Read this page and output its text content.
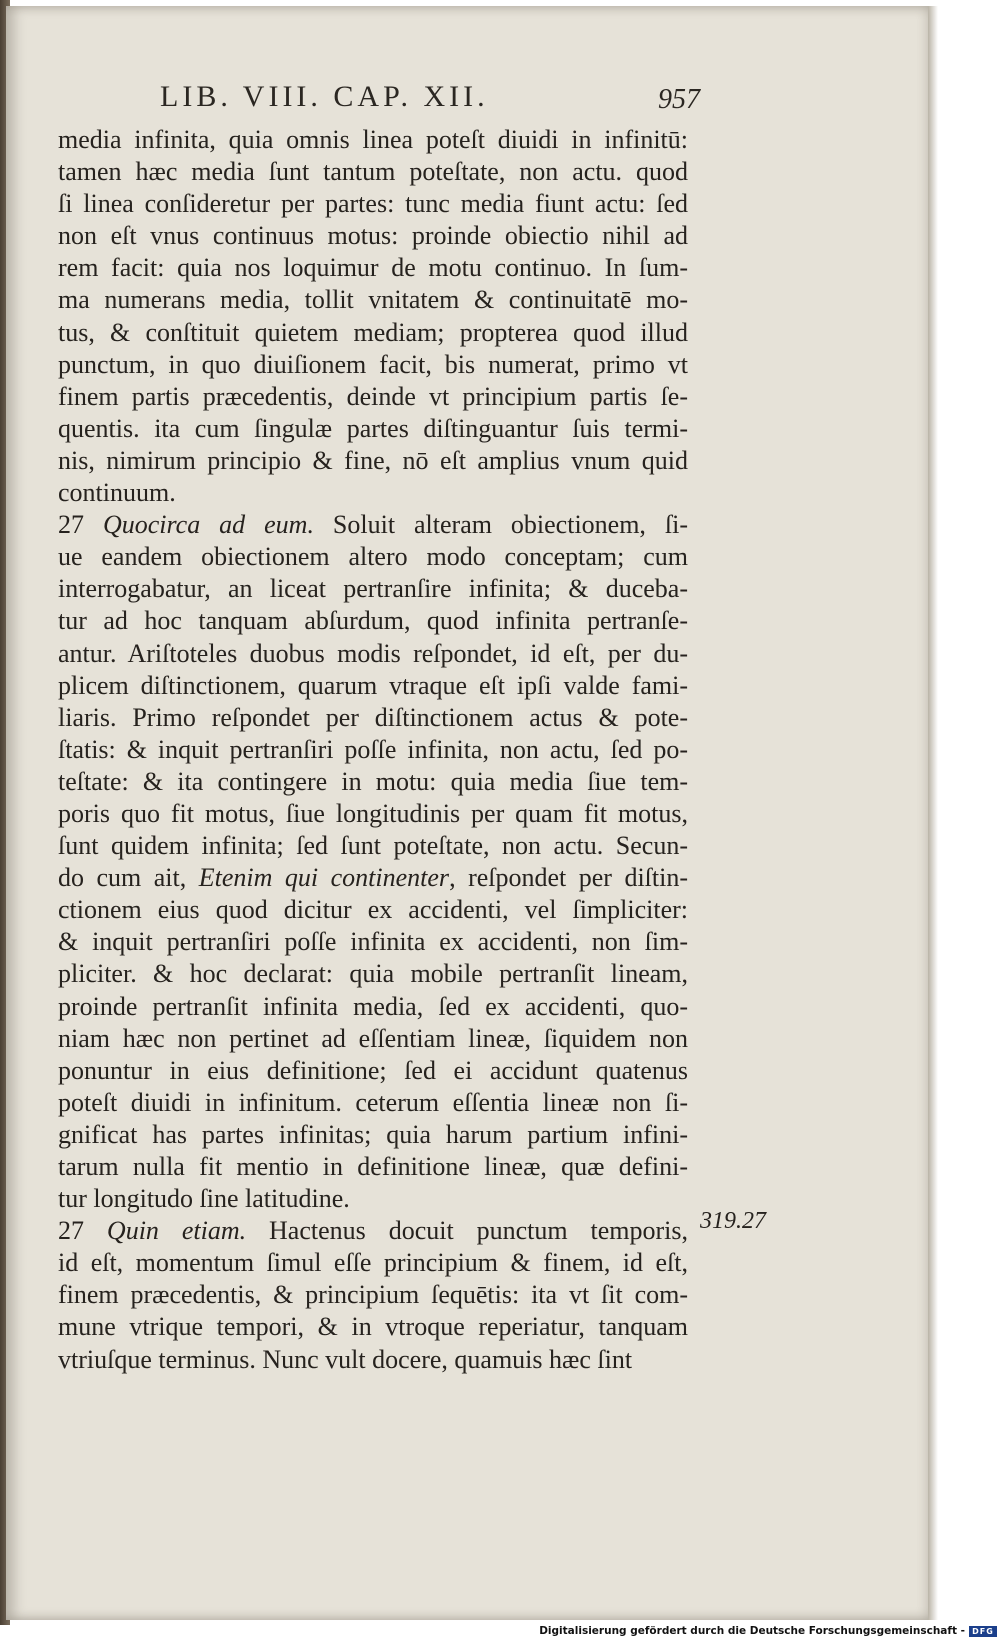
LIB. VIII. CAP. XII.	957
media infinita, quia omnis linea poteſt diuidi in infinitū:
tamen hæc media ſunt tantum poteſtate, non actu. quod
ſi linea conſideretur per partes: tunc media fiunt actu: ſed
non eſt vnus continuus motus: proinde obiectio nihil ad
rem facit: quia nos loquimur de motu continuo. In ſum-
ma numerans media, tollit vnitatem & continuitatē mo-
tus, & conſtituit quietem mediam; propterea quod illud
punctum, in quo diuiſionem facit, bis numerat, primo vt
finem partis præcedentis, deinde vt principium partis ſe-
quentis. ita cum ſingulæ partes diſtinguantur ſuis termi-
nis, nimirum principio & fine, nō eſt amplius vnum quid
continuum.
27 Quocirca ad eum. Soluit alteram obiectionem, ſi-
ue eandem obiectionem altero modo conceptam; cum
interrogabatur, an liceat pertranſire infinita; & duceba-
tur ad hoc tanquam abſurdum, quod infinita pertranſe-
antur. Ariſtoteles duobus modis reſpondet, id eſt, per du-
plicem diſtinctionem, quarum vtraque eſt ipſi valde fami-
liaris. Primo reſpondet per diſtinctionem actus & pote-
ſtatis: & inquit pertranſiri poſſe infinita, non actu, ſed po-
teſtate: & ita contingere in motu: quia media ſiue tem-
poris quo fit motus, ſiue longitudinis per quam fit motus,
ſunt quidem infinita; ſed ſunt poteſtate, non actu. Secun-
do cum ait, Etenim qui continenter, reſpondet per diſtin-
ctionem eius quod dicitur ex accidenti, vel ſimpliciter:
& inquit pertranſiri poſſe infinita ex accidenti, non ſim-
pliciter. & hoc declarat: quia mobile pertranſit lineam,
proinde pertranſit infinita media, ſed ex accidenti, quo-
niam hæc non pertinet ad eſſentiam lineæ, ſiquidem non
ponuntur in eius definitione; ſed ei accidunt quatenus
poteſt diuidi in infinitum. ceterum eſſentia lineæ non ſi-
gnificat has partes infinitas; quia harum partium infini-
tarum nulla fit mentio in definitione lineæ, quæ defini-
tur longitudo ſine latitudine.
27 Quin etiam. Hactenus docuit punctum temporis,
id eſt, momentum ſimul eſſe principium & finem, id eſt,
finem præcedentis, & principium ſequētis: ita vt ſit com-
mune vtrique tempori, & in vtroque reperiatur, tanquam
vtriuſque terminus. Nunc vult docere, quamuis hæc ſint
319.27
Digitalisierung gefördert durch die Deutsche Forschungsgemeinschaft - DFG
